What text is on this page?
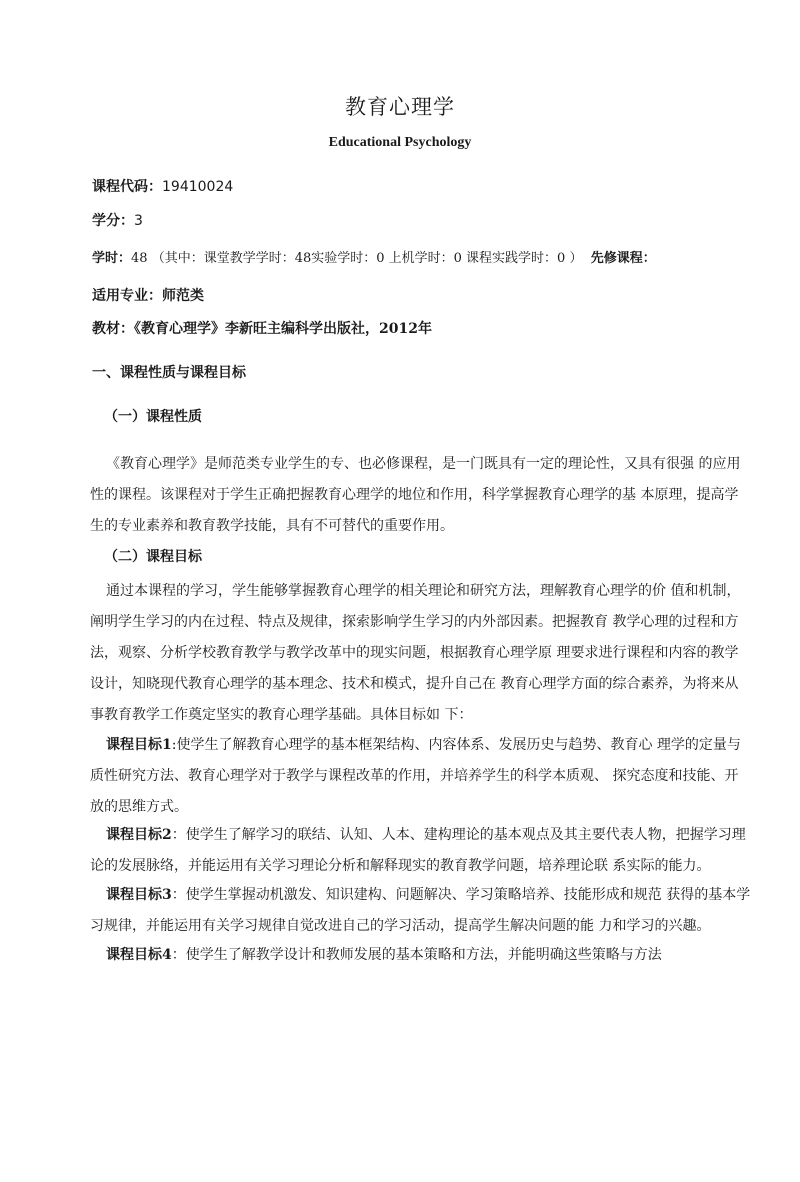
教育心理学
Educational Psychology
课程代码：19410024
学分：3
学时：48 （其中：课堂教学学时：48实验学时：0 上机学时：0 课程实践学时：0 ） 先修课程：
适用专业：师范类
教材：《教育心理学》李新旺主编科学出版社，2012年
一、课程性质与课程目标
（一）课程性质
《教育心理学》是师范类专业学生的专、也必修课程，是一门既具有一定的理论性，又具有很强 的应用性的课程。该课程对于学生正确把握教育心理学的地位和作用，科学掌握教育心理学的基 本原理，提高学生的专业素养和教育教学技能，具有不可替代的重要作用。
（二）课程目标
通过本课程的学习，学生能够掌握教育心理学的相关理论和研究方法，理解教育心理学的价 值和机制，阐明学生学习的内在过程、特点及规律，探索影响学生学习的内外部因素。把握教育 教学心理的过程和方法，观察、分析学校教育教学与教学改革中的现实问题，根据教育心理学原 理要求进行课程和内容的教学设计，知晓现代教育心理学的基本理念、技术和模式，提升自己在 教育心理学方面的综合素养，为将来从事教育教学工作奠定坚实的教育心理学基础。具体目标如 下：
课程目标1:使学生了解教育心理学的基本框架结构、内容体系、发展历史与趋势、教育心 理学的定量与质性研究方法、教育心理学对于教学与课程改革的作用，并培养学生的科学本质观、 探究态度和技能、开放的思维方式。
课程目标2：使学生了解学习的联结、认知、人本、建构理论的基本观点及其主要代表人物，把握学习理论的发展脉络，并能运用有关学习理论分析和解释现实的教育教学问题，培养理论联 系实际的能力。
课程目标3：使学生掌握动机激发、知识建构、问题解决、学习策略培养、技能形成和规范 获得的基本学习规律，并能运用有关学习规律自觉改进自己的学习活动，提高学生解决问题的能 力和学习的兴趣。
课程目标4：使学生了解教学设计和教师发展的基本策略和方法，并能明确这些策略与方法
